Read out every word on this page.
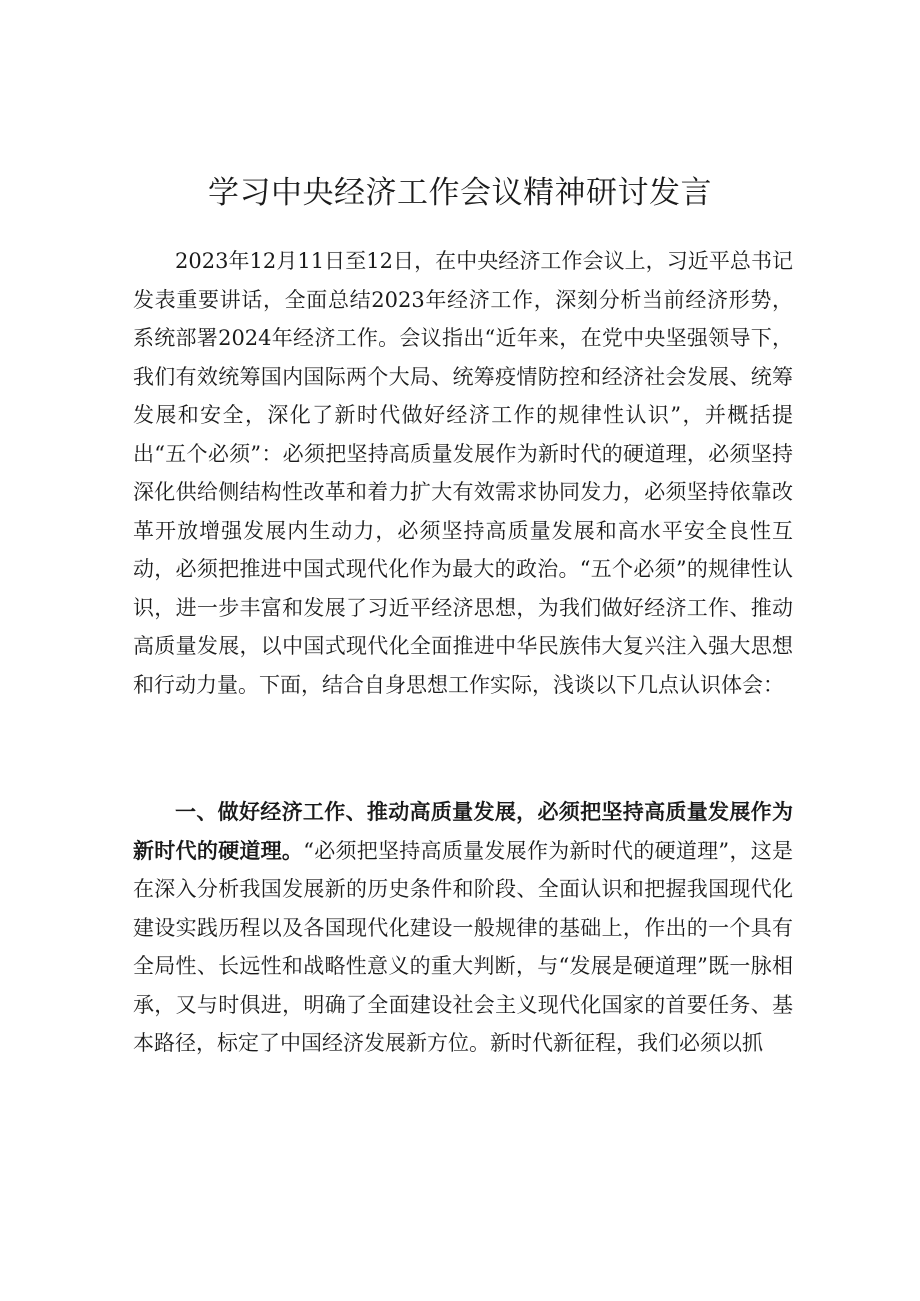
学习中央经济工作会议精神研讨发言

2023年12月11日至12日，在中央经济工作会议上，习近平总书记发表重要讲话，全面总结2023年经济工作，深刻分析当前经济形势，系统部署2024年经济工作。会议指出“近年来，在党中央坚强领导下，我们有效统筹国内国际两个大局、统筹疫情防控和经济社会发展、统筹发展和安全，深化了新时代做好经济工作的规律性认识”，并概括提出“五个必须”：必须把坚持高质量发展作为新时代的硬道理，必须坚持深化供给侧结构性改革和着力扩大有效需求协同发力，必须坚持依靠改革开放增强发展内生动力，必须坚持高质量发展和高水平安全良性互动，必须把推进中国式现代化作为最大的政治。“五个必须”的规律性认识，进一步丰富和发展了习近平经济思想，为我们做好经济工作、推动高质量发展，以中国式现代化全面推进中华民族伟大复兴注入强大思想和行动力量。下面，结合自身思想工作实际，浅谈以下几点认识体会：

一、做好经济工作、推动高质量发展，必须把坚持高质量发展作为新时代的硬道理。“必须把坚持高质量发展作为新时代的硬道理”，这是在深入分析我国发展新的历史条件和阶段、全面认识和把握我国现代化建设实践历程以及各国现代化建设一般规律的基础上，作出的一个具有全局性、长远性和战略性意义的重大判断，与“发展是硬道理”既一脉相承，又与时俱进，明确了全面建设社会主义现代化国家的首要任务、基本路径，标定了中国经济发展新方位。新时代新征程，我们必须以抓
